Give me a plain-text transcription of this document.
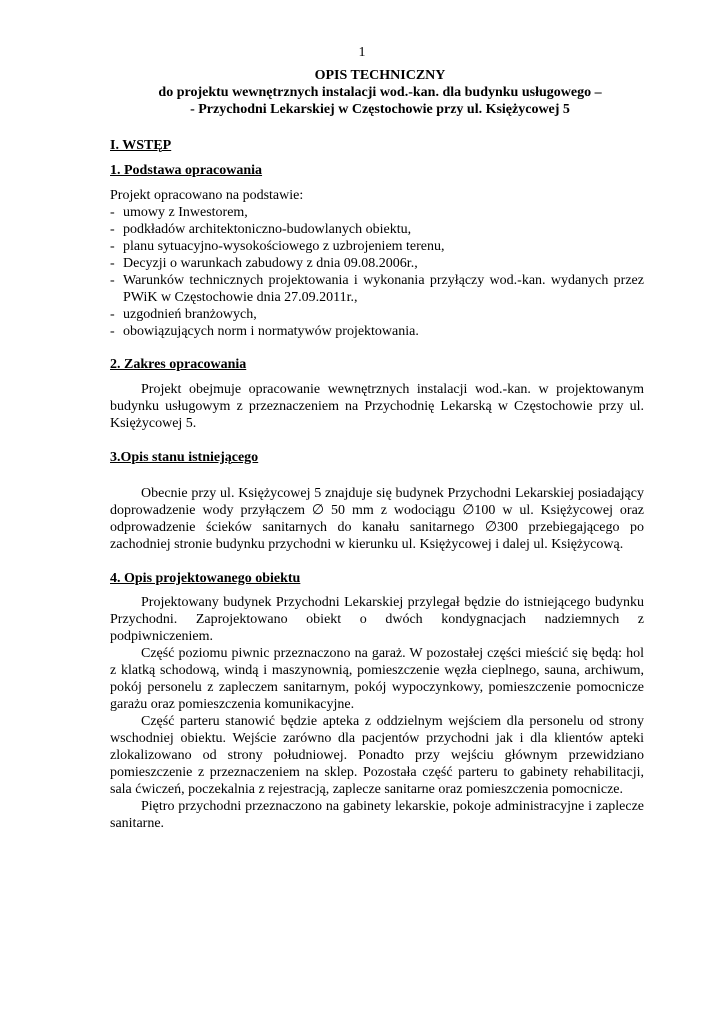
1
OPIS TECHNICZNY
do projektu wewnętrznych instalacji wod.-kan. dla budynku usługowego –
- Przychodni Lekarskiej w Częstochowie przy ul. Księżycowej 5
I. WSTĘP
1. Podstawa opracowania
Projekt opracowano na podstawie:
- umowy z Inwestorem,
- podkładów architektoniczno-budowlanych obiektu,
- planu sytuacyjno-wysokościowego z uzbrojeniem terenu,
- Decyzji o warunkach zabudowy z dnia 09.08.2006r.,
- Warunków technicznych projektowania i wykonania przyłączy wod.-kan. wydanych przez PWiK w Częstochowie dnia 27.09.2011r.,
- uzgodnień branżowych,
- obowiązujących norm i normatywów projektowania.
2. Zakres opracowania

Projekt obejmuje opracowanie wewnętrznych instalacji wod.-kan. w projektowanym budynku usługowym z przeznaczeniem na Przychodnię Lekarską w Częstochowie przy ul. Księżycowej 5.

3.Opis stanu istniejącego

Obecnie przy ul. Księżycowej 5 znajduje się budynek Przychodni Lekarskiej posiadający doprowadzenie wody przyłączem ∅ 50 mm z wodociągu ∅100 w ul. Księżycowej oraz odprowadzenie ścieków sanitarnych do kanału sanitarnego ∅300 przebiegającego po zachodniej stronie budynku przychodni w kierunku ul. Księżycowej i dalej ul. Księżycową.

4. Opis projektowanego obiektu

Projektowany budynek Przychodni Lekarskiej przylegał będzie do istniejącego budynku Przychodni. Zaprojektowano obiekt o dwóch kondygnacjach nadziemnych z podpiwniczeniem.

Część poziomu piwnic przeznaczono na garaż. W pozostałej części mieścić się będą: hol z klatką schodową, windą i maszynownią, pomieszczenie węzła cieplnego, sauna, archiwum, pokój personelu z zapleczem sanitarnym, pokój wypoczynkowy, pomieszczenie pomocnicze garażu oraz pomieszczenia komunikacyjne.

Część parteru stanowić będzie apteka z oddzielnym wejściem dla personelu od strony wschodniej obiektu. Wejście zarówno dla pacjentów przychodni jak i dla klientów apteki zlokalizowano od strony południowej. Ponadto przy wejściu głównym przewidziano pomieszczenie z przeznaczeniem na sklep. Pozostała część parteru to gabinety rehabilitacji, sala ćwiczeń, poczekalnia z rejestracją, zaplecze sanitarne oraz pomieszczenia pomocnicze.

Piętro przychodni przeznaczono na gabinety lekarskie, pokoje administracyjne i zaplecze sanitarne.
